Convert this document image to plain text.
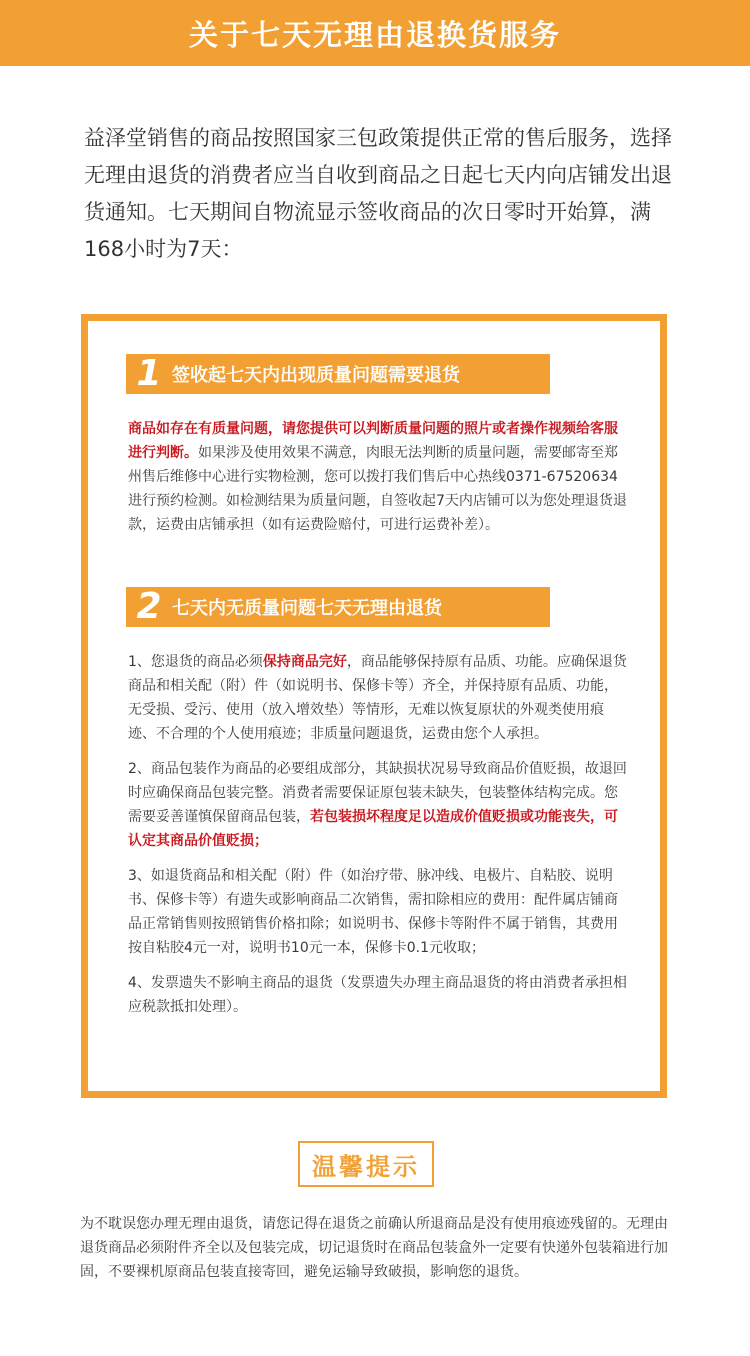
关于七天无理由退换货服务

益泽堂销售的商品按照国家三包政策提供正常的售后服务，选择无理由退货的消费者应当自收到商品之日起七天内向店铺发出退货通知。七天期间自物流显示签收商品的次日零时开始算，满168小时为7天：

1 签收起七天内出现质量问题需要退货

商品如存在有质量问题，请您提供可以判断质量问题的照片或者操作视频给客服进行判断。如果涉及使用效果不满意，肉眼无法判断的质量问题，需要邮寄至郑州售后维修中心进行实物检测，您可以拨打我们售后中心热线0371-67520634进行预约检测。如检测结果为质量问题，自签收起7天内店铺可以为您处理退货退款，运费由店铺承担（如有运费险赔付，可进行运费补差）。

2 七天内无质量问题七天无理由退货

1、您退货的商品必须保持商品完好，商品能够保持原有品质、功能。应确保退货商品和相关配（附）件（如说明书、保修卡等）齐全，并保持原有品质、功能，无受损、受污、使用（放入增效垫）等情形，无难以恢复原状的外观类使用痕迹、不合理的个人使用痕迹；非质量问题退货，运费由您个人承担。

2、商品包装作为商品的必要组成部分，其缺损状况易导致商品价值贬损，故退回时应确保商品包装完整。消费者需要保证原包装未缺失，包装整体结构完成。您需要妥善谨慎保留商品包装，若包装损坏程度足以造成价值贬损或功能丧失，可认定其商品价值贬损；

3、如退货商品和相关配（附）件（如治疗带、脉冲线、电极片、自粘胶、说明书、保修卡等）有遗失或影响商品二次销售，需扣除相应的费用：配件属店铺商品正常销售则按照销售价格扣除；如说明书、保修卡等附件不属于销售，其费用按自粘胶4元一对，说明书10元一本，保修卡0.1元收取；

4、发票遗失不影响主商品的退货（发票遗失办理主商品退货的将由消费者承担相应税款抵扣处理）。

温馨提示

为不耽误您办理无理由退货，请您记得在退货之前确认所退商品是没有使用痕迹残留的。无理由退货商品必须附件齐全以及包装完成，切记退货时在商品包装盒外一定要有快递外包装箱进行加固，不要裸机原商品包装直接寄回，避免运输导致破损，影响您的退货。
